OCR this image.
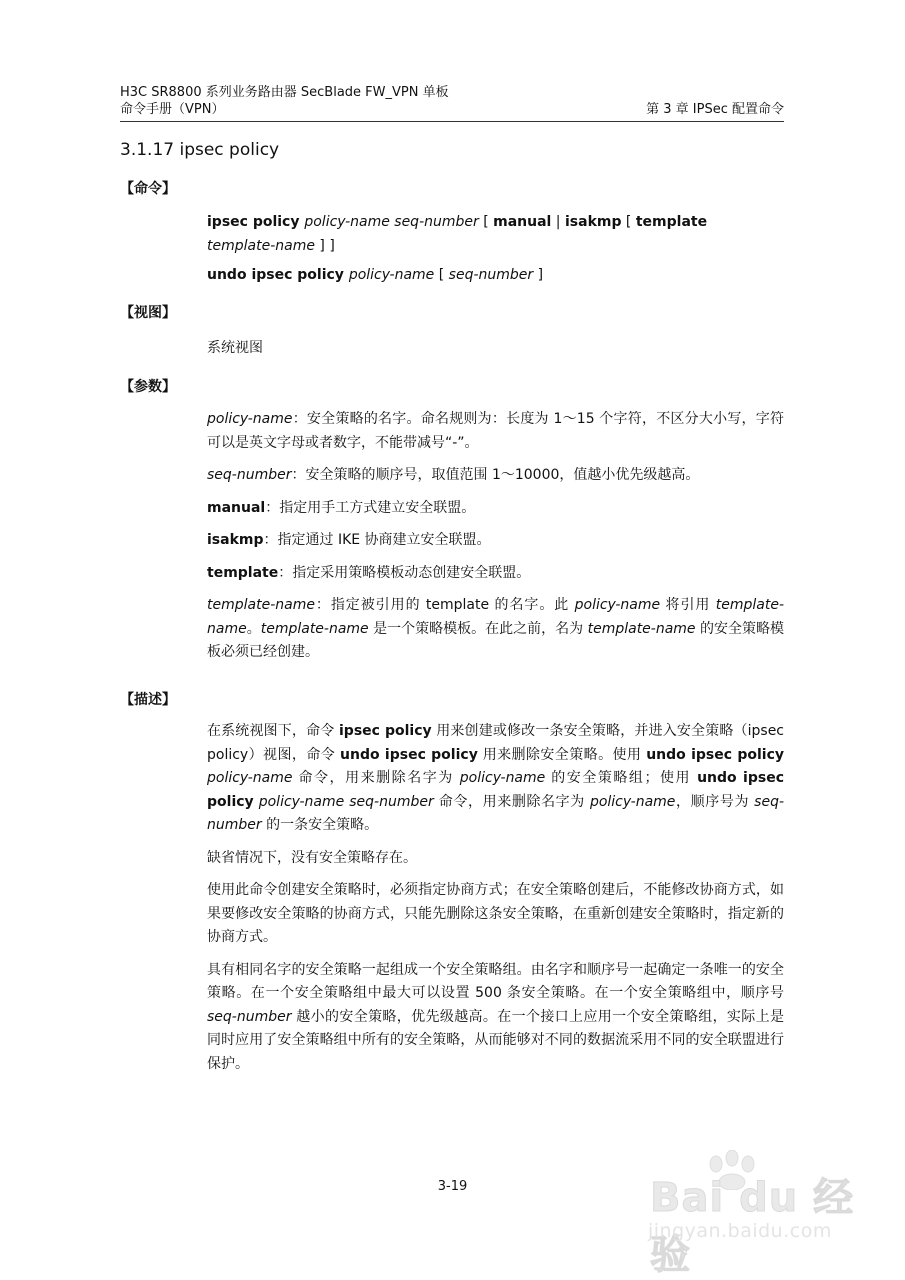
H3C SR8800 系列业务路由器 SecBlade FW_VPN 单板
命令手册（VPN）	第 3 章 IPSec 配置命令
3.1.17 ipsec policy
【命令】

ipsec policy policy-name seq-number [ manual | isakmp [ template
template-name ] ]

undo ipsec policy policy-name [ seq-number ]

【视图】
系统视图
【参数】

policy-name：安全策略的名字。命名规则为：长度为 1～15 个字符，不区分大小写，字符可以是英文字母或者数字，不能带减号“-”。

seq-number：安全策略的顺序号，取值范围 1～10000，值越小优先级越高。

manual：指定用手工方式建立安全联盟。

isakmp：指定通过 IKE 协商建立安全联盟。

template：指定采用策略模板动态创建安全联盟。

template-name：指定被引用的 template 的名字。此 policy-name 将引用 template-name。template-name 是一个策略模板。在此之前，名为 template-name 的安全策略模板必须已经创建。

【描述】

在系统视图下，命令 ipsec policy 用来创建或修改一条安全策略，并进入安全策略（ipsec policy）视图，命令 undo ipsec policy 用来删除安全策略。使用 undo ipsec policy policy-name 命令，用来删除名字为 policy-name 的安全策略组；使用 undo ipsec policy policy-name seq-number 命令，用来删除名字为 policy-name，顺序号为 seq-number 的一条安全策略。

缺省情况下，没有安全策略存在。

使用此命令创建安全策略时，必须指定协商方式；在安全策略创建后，不能修改协商方式，如果要修改安全策略的协商方式，只能先删除这条安全策略，在重新创建安全策略时，指定新的协商方式。

具有相同名字的安全策略一起组成一个安全策略组。由名字和顺序号一起确定一条唯一的安全策略。在一个安全策略组中最大可以设置 500 条安全策略。在一个安全策略组中，顺序号 seq-number 越小的安全策略，优先级越高。在一个接口上应用一个安全策略组，实际上是同时应用了安全策略组中所有的安全策略，从而能够对不同的数据流采用不同的安全联盟进行保护。

3-19	Bai du 经验
jingyan.baidu.com
